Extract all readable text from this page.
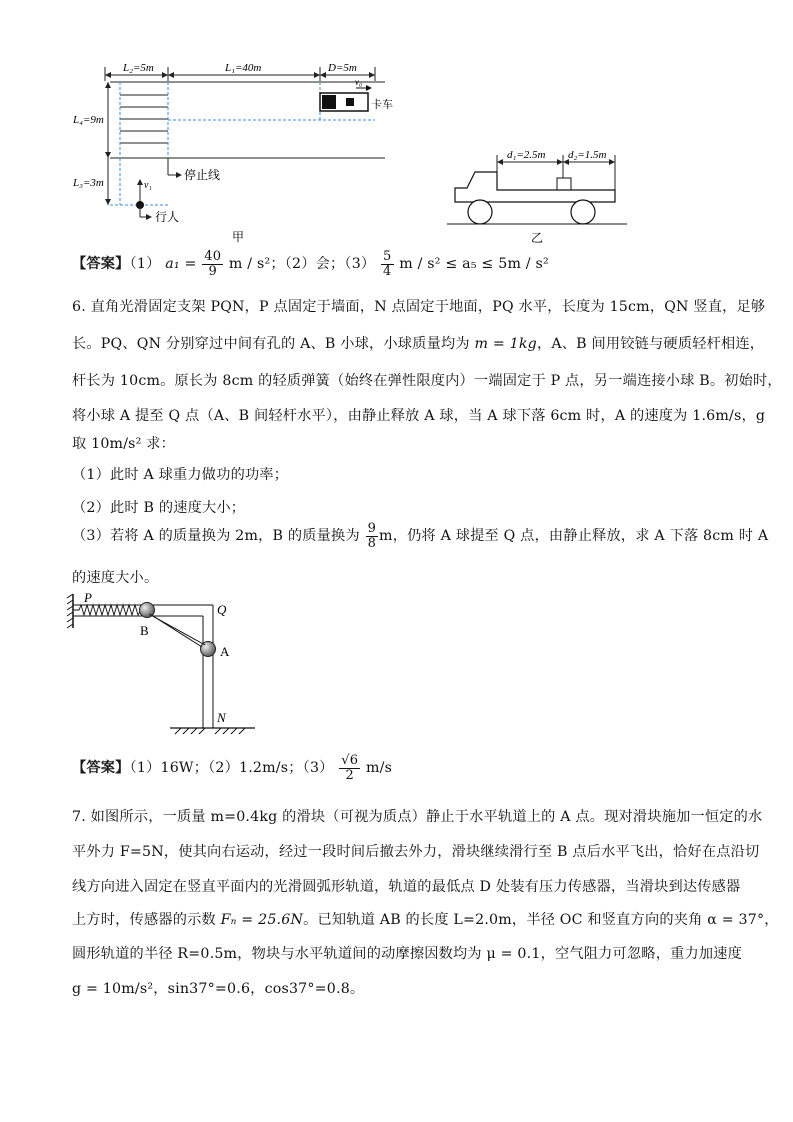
L₂=5m	L₁=40m	D=5m
v₀
卡车
L₄=9m
L₃=3m
停止线
v₁
行人
甲
d₁=2.5m d₂=1.5m
乙
【答案】（1） $a_1 = \frac{40}{9}$ m / s²；（2）会；$(3) \frac{5}{4}$ m / s² ≤ a₅ ≤ 5m / s²
6. 直角光滑固定支架 PQN，P 点固定于墙面，N 点固定于地面，PQ 水平，长度为 15cm，QN 竖直，足够
长。PQ、QN 分别穿过中间有孔的 A、B 小球，小球质量均为 m = 1kg，A、B 间用铰链与硬质轻杆相连，
杆长为 10cm。原长为 8cm 的轻质弹簧（始终在弹性限度内）一端固定于 P 点，另一端连接小球 B。初始时，
将小球 A 提至 Q 点（A、B 间轻杆水平），由静止释放 A 球，当 A 球下落 6cm 时，A 的速度为 1.6m/s，g
取 10m/s² 求：
（1）此时 A 球重力做功的功率；
（2）此时 B 的速度大小；
（3）若将 A 的质量换为 2m，B 的质量换为 $\frac{9}{8}$ m，仍将 A 球提至 Q 点，由静止释放，求 A 下落 8cm 时 A
的速度大小。
P
Q
B
A
N
【答案】（1）16W；（2）1.2m/s；$(3) \frac{√6}{2} m/s$
7. 如图所示，一质量 m=0.4kg 的滑块（可视为质点）静止于水平轨道上的 A 点。现对滑块施加一恒定的水
平外力 F=5N，使其向右运动，经过一段时间后撤去外力，滑块继续滑行至 B 点后水平飞出，恰好在点沿切
线方向进入固定在竖直平面内的光滑圆弧形轨道，轨道的最低点 D 处装有压力传感器，当滑块到达传感器
上方时，传感器的示数 Fₙ = 25.6N。已知轨道 AB 的长度 L=2.0m，半径 OC 和竖直方向的夹角 α = 37°，
圆形轨道的半径 R=0.5m，物块与水平轨道间的动摩擦因数均为 μ = 0.1，空气阻力可忽略，重力加速度
g = 10m/s²，sin37°=0.6，cos37°=0.8。
